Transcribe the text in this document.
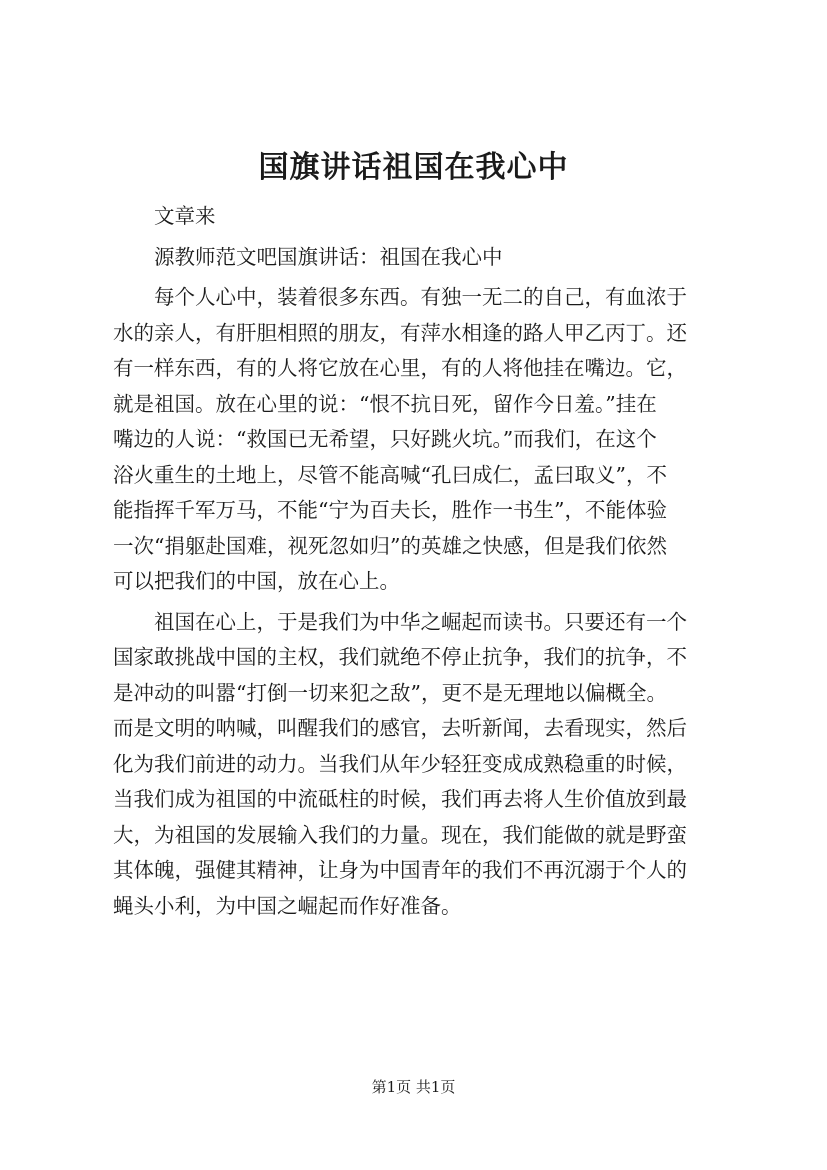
国旗讲话祖国在我心中
文章来
源教师范文吧国旗讲话：祖国在我心中
每个人心中，装着很多东西。有独一无二的自己，有血浓于
水的亲人，有肝胆相照的朋友，有萍水相逢的路人甲乙丙丁。还
有一样东西，有的人将它放在心里，有的人将他挂在嘴边。它，
就是祖国。放在心里的说：“恨不抗日死，留作今日羞。”挂在
嘴边的人说：“救国已无希望，只好跳火坑。”而我们，在这个
浴火重生的土地上，尽管不能高喊“孔曰成仁，孟曰取义”，不
能指挥千军万马，不能“宁为百夫长，胜作一书生”，不能体验
一次“捐躯赴国难，视死忽如归”的英雄之快感，但是我们依然
可以把我们的中国，放在心上。
祖国在心上，于是我们为中华之崛起而读书。只要还有一个
国家敢挑战中国的主权，我们就绝不停止抗争，我们的抗争，不
是冲动的叫嚣“打倒一切来犯之敌”，更不是无理地以偏概全。
而是文明的呐喊，叫醒我们的感官，去听新闻，去看现实，然后
化为我们前进的动力。当我们从年少轻狂变成成熟稳重的时候，
当我们成为祖国的中流砥柱的时候，我们再去将人生价值放到最
大，为祖国的发展输入我们的力量。现在，我们能做的就是野蛮
其体魄，强健其精神，让身为中国青年的我们不再沉溺于个人的
蝇头小利，为中国之崛起而作好准备。
第1页 共1页
